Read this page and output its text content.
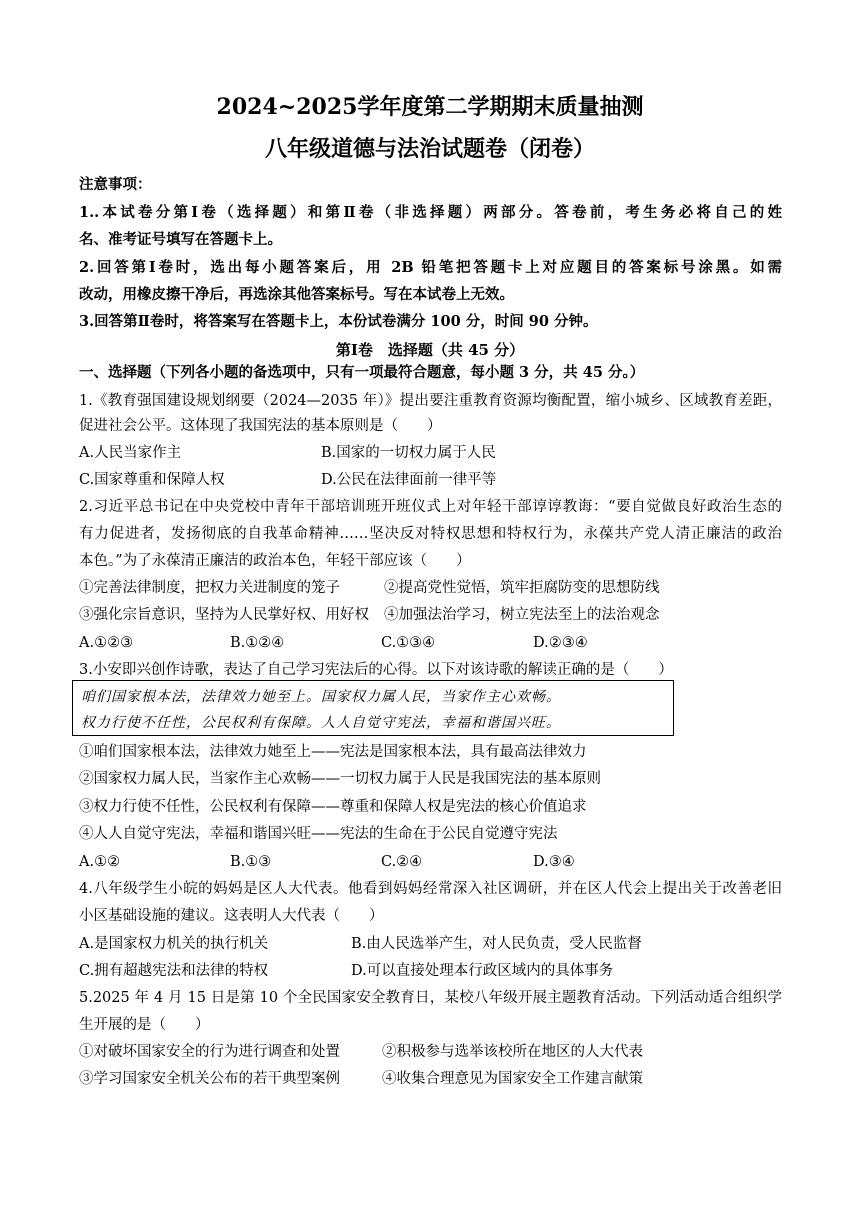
2024~2025学年度第二学期期末质量抽测
八年级道德与法治试题卷（闭卷）
注意事项：
1..本试卷分第Ⅰ卷（选择题）和第Ⅱ卷（非选择题）两部分。答卷前，考生务必将自己的姓
名、准考证号填写在答题卡上。
2.回答第Ⅰ卷时，选出每小题答案后，用 2B 铅笔把答题卡上对应题目的答案标号涂黑。如需
改动，用橡皮擦干净后，再选涂其他答案标号。写在本试卷上无效。
3.回答第Ⅱ卷时，将答案写在答题卡上，本份试卷满分 100 分，时间 90 分钟。
第Ⅰ卷　选择题（共 45 分）
一、选择题（下列各小题的备选项中，只有一项最符合题意，每小题 3 分，共 45 分。）
1.《教育强国建设规划纲要（2024—2035 年）》提出要注重教育资源均衡配置，缩小城乡、区域教育差距，
促进社会公平。这体现了我国宪法的基本原则是（　　）
A.人民当家作主	B.国家的一切权力属于人民
C.国家尊重和保障人权	D.公民在法律面前一律平等
2.习近平总书记在中央党校中青年干部培训班开班仪式上对年轻干部谆谆教诲：“要自觉做良好政治生态的
有力促进者，发扬彻底的自我革命精神……坚决反对特权思想和特权行为，永葆共产党人清正廉洁的政治
本色。”为了永葆清正廉洁的政治本色，年轻干部应该（　　）
①完善法律制度，把权力关进制度的笼子	②提高党性觉悟，筑牢拒腐防变的思想防线
③强化宗旨意识，坚持为人民掌好权、用好权 ④加强法治学习，树立宪法至上的法治观念
A.①②③	B.①②④	C.①③④	D.②③④
3.小安即兴创作诗歌，表达了自己学习宪法后的心得。以下对该诗歌的解读正确的是（　　）
咱们国家根本法，法律效力她至上。国家权力属人民，当家作主心欢畅。
权力行使不任性，公民权利有保障。人人自觉守宪法，幸福和谐国兴旺。
①咱们国家根本法，法律效力她至上——宪法是国家根本法，具有最高法律效力
②国家权力属人民，当家作主心欢畅——一切权力属于人民是我国宪法的基本原则
③权力行使不任性，公民权利有保障——尊重和保障人权是宪法的核心价值追求
④人人自觉守宪法，幸福和谐国兴旺——宪法的生命在于公民自觉遵守宪法
A.①②	B.①③	C.②④	D.③④
4.八年级学生小皖的妈妈是区人大代表。他看到妈妈经常深入社区调研，并在区人代会上提出关于改善老旧
小区基础设施的建议。这表明人大代表（　　）
A.是国家权力机关的执行机关	B.由人民选举产生，对人民负责，受人民监督
C.拥有超越宪法和法律的特权	D.可以直接处理本行政区域内的具体事务
5.2025 年 4 月 15 日是第 10 个全民国家安全教育日，某校八年级开展主题教育活动。下列活动适合组织学
生开展的是（　　）
①对破坏国家安全的行为进行调查和处置	②积极参与选举该校所在地区的人大代表
③学习国家安全机关公布的若干典型案例	④收集合理意见为国家安全工作建言献策
